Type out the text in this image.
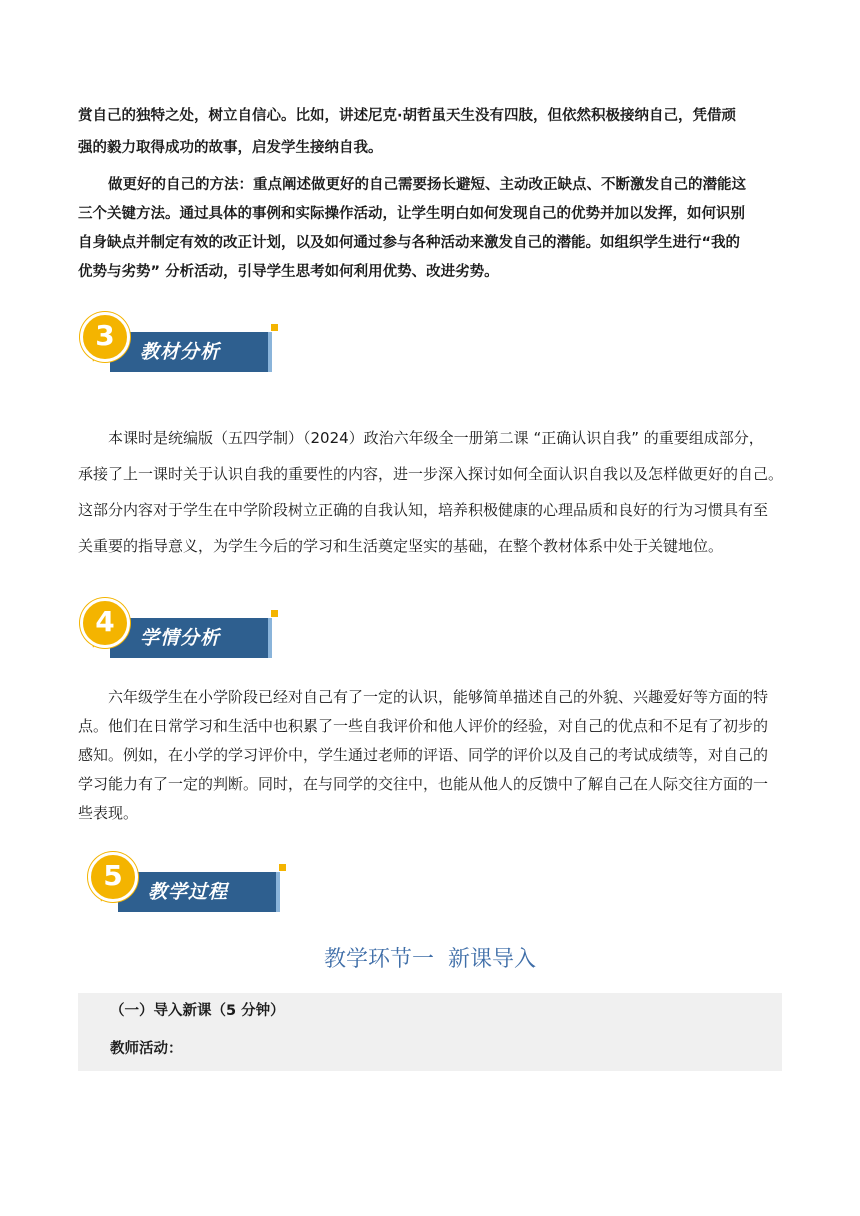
赏自己的独特之处，树立自信心。比如，讲述尼克·胡哲虽天生没有四肢，但依然积极接纳自己，凭借顽
强的毅力取得成功的故事，启发学生接纳自我。
做更好的自己的方法：重点阐述做更好的自己需要扬长避短、主动改正缺点、不断激发自己的潜能这
三个关键方法。通过具体的事例和实际操作活动，让学生明白如何发现自己的优势并加以发挥，如何识别
自身缺点并制定有效的改正计划，以及如何通过参与各种活动来激发自己的潜能。如组织学生进行“我的
优势与劣势” 分析活动，引导学生思考如何利用优势、改进劣势。
3	教材分析
本课时是统编版（五四学制）（2024）政治六年级全一册第二课 “正确认识自我” 的重要组成部分，
承接了上一课时关于认识自我的重要性的内容，进一步深入探讨如何全面认识自我以及怎样做更好的自己。
这部分内容对于学生在中学阶段树立正确的自我认知，培养积极健康的心理品质和良好的行为习惯具有至
关重要的指导意义，为学生今后的学习和生活奠定坚实的基础，在整个教材体系中处于关键地位。
4	学情分析
六年级学生在小学阶段已经对自己有了一定的认识，能够简单描述自己的外貌、兴趣爱好等方面的特
点。他们在日常学习和生活中也积累了一些自我评价和他人评价的经验，对自己的优点和不足有了初步的
感知。例如，在小学的学习评价中，学生通过老师的评语、同学的评价以及自己的考试成绩等，对自己的
学习能力有了一定的判断。同时，在与同学的交往中，也能从他人的反馈中了解自己在人际交往方面的一
些表现。
5	教学过程
教学环节一  新课导入
（一）导入新课（5 分钟）
教师活动：
